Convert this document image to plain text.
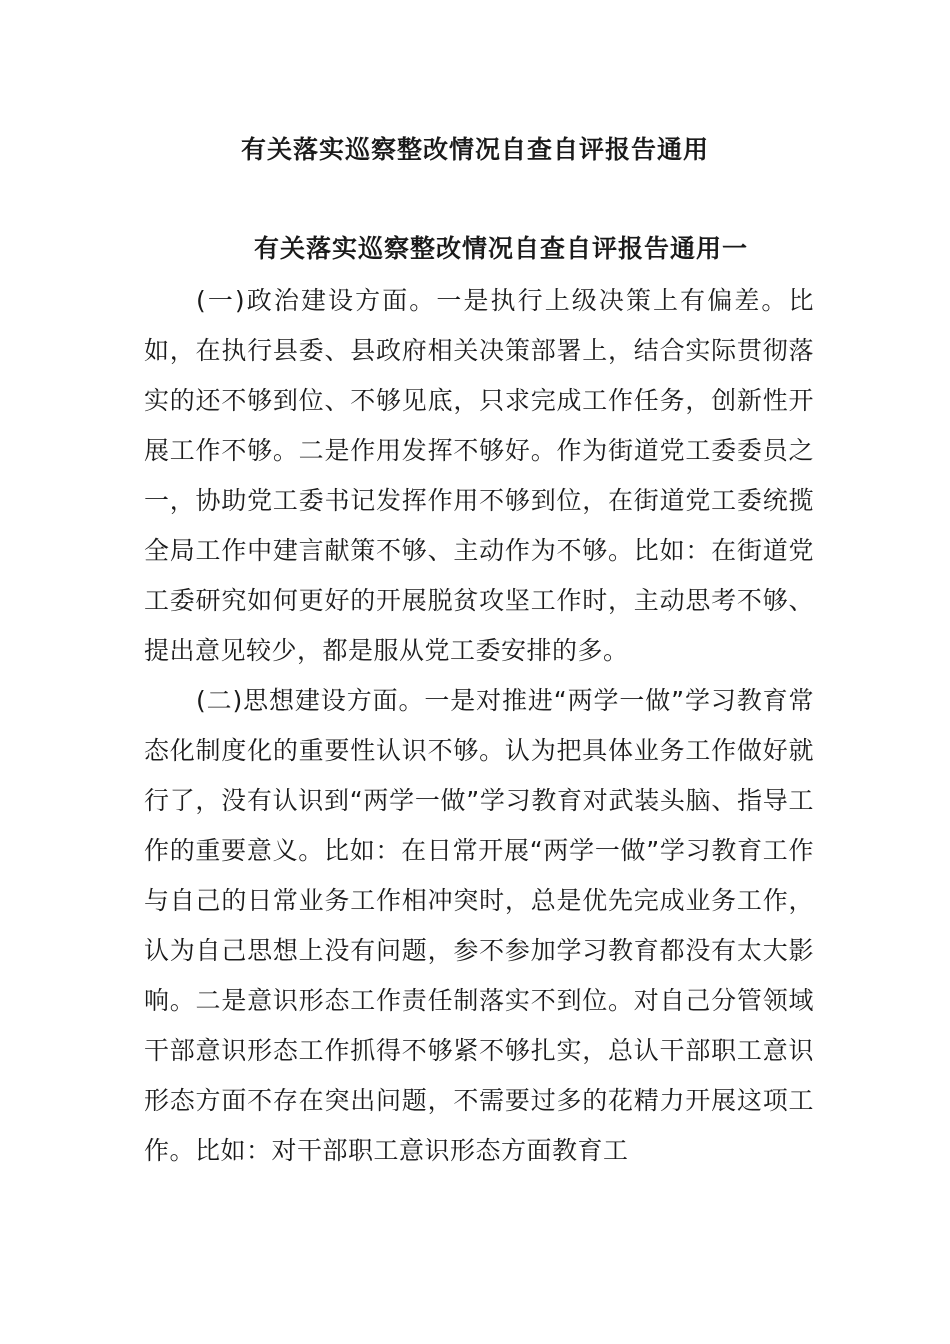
有关落实巡察整改情况自查自评报告通用
有关落实巡察整改情况自查自评报告通用一

(一)政治建设方面。一是执行上级决策上有偏差。比如，在执行县委、县政府相关决策部署上，结合实际贯彻落实的还不够到位、不够见底，只求完成工作任务，创新性开展工作不够。二是作用发挥不够好。作为街道党工委委员之一，协助党工委书记发挥作用不够到位，在街道党工委统揽全局工作中建言献策不够、主动作为不够。比如：在街道党工委研究如何更好的开展脱贫攻坚工作时，主动思考不够、提出意见较少，都是服从党工委安排的多。

(二)思想建设方面。一是对推进“两学一做”学习教育常态化制度化的重要性认识不够。认为把具体业务工作做好就行了，没有认识到“两学一做”学习教育对武装头脑、指导工作的重要意义。比如：在日常开展“两学一做”学习教育工作与自己的日常业务工作相冲突时，总是优先完成业务工作，认为自己思想上没有问题，参不参加学习教育都没有太大影响。二是意识形态工作责任制落实不到位。对自己分管领域干部意识形态工作抓得不够紧不够扎实，总认干部职工意识形态方面不存在突出问题，不需要过多的花精力开展这项工作。比如：对干部职工意识形态方面教育工
